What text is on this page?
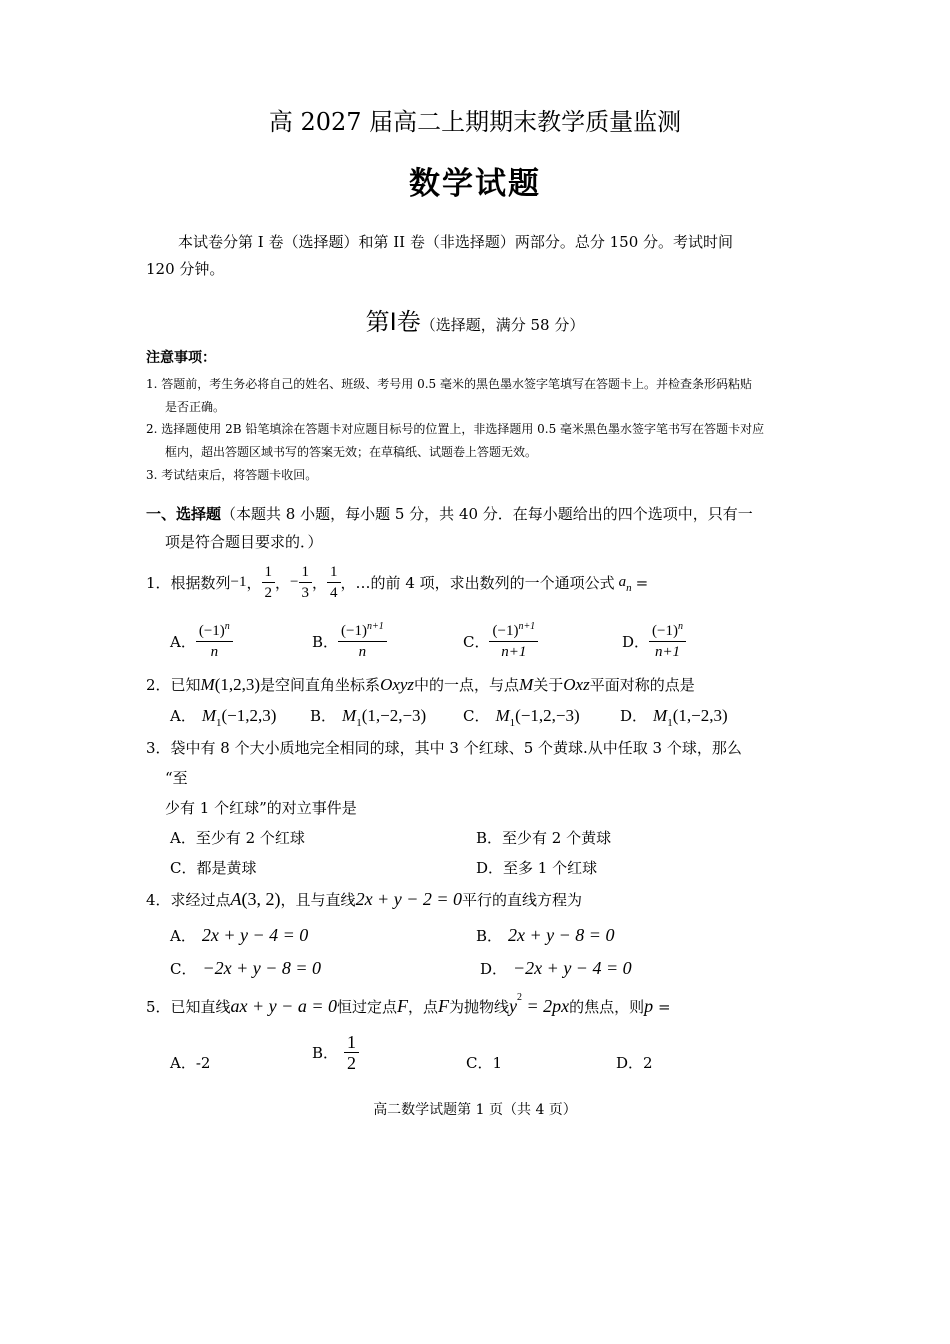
高 2027 届高二上期期末教学质量监测
数学试题
本试卷分第 I 卷（选择题）和第 II 卷（非选择题）两部分。总分 150 分。考试时间
120 分钟。
第Ⅰ卷（选择题，满分 58 分）
注意事项：
1. 答题前，考生务必将自己的姓名、班级、考号用 0.5 毫米的黑色墨水签字笔填写在答题卡上。并检查条形码粘贴
是否正确。
2. 选择题使用 2B 铅笔填涂在答题卡对应题目标号的位置上，非选择题用 0.5 毫米黑色墨水签字笔书写在答题卡对应
框内，超出答题区域书写的答案无效；在草稿纸、试题卷上答题无效。
3. 考试结束后，将答题卡收回。
一、选择题（本题共 8 小题，每小题 5 分，共 40 分．在每小题给出的四个选项中，只有一
项是符合题目要求的．）
1．根据数列 −1 ， $\frac{1}{2}$ ， − $\frac{1}{3}$ ， $\frac{1}{4}$ ， …的前 4 项，求出数列的一个通项公式 $a_n$ =
A． $\frac{(-1)^n}{n}$	B． $\frac{(-1)^{n+1}}{n}$	C． $\frac{(-1)^{n+1}}{n+1}$	D． $\frac{(-1)^n}{n+1}$
2．已知M(1,2,3)是空间直角坐标系Oxyz中的一点，与点M关于Oxz平面对称的点是
A． $M_1(-1,2,3)$ B． $M_1(1,-2,-3)$ C． $M_1(-1,2,-3)$	D． $M_1(1,-2,3)$
3．袋中有 8 个大小质地完全相同的球，其中 3 个红球、5 个黄球.从中任取 3 个球，那么
“至
少有 1 个红球”的对立事件是
A．至少有 2 个红球	B．至少有 2 个黄球
C．都是黄球	D．至多 1 个红球
4．求经过点A(3, 2)，且与直线2x + y − 2 = 0平行的直线方程为
A． 2x + y − 4 = 0	B． 2x + y − 8 = 0
C． −2x + y − 8 = 0	D． −2x + y − 4 = 0
5．已知直线ax + y − a = 0恒过定点F，点F为抛物线$y^2 = 2px$的焦点，则p =
A．-2
B． $\frac{1}{2}$	C．1	D．2
高二数学试题第 1 页（共 4 页）
